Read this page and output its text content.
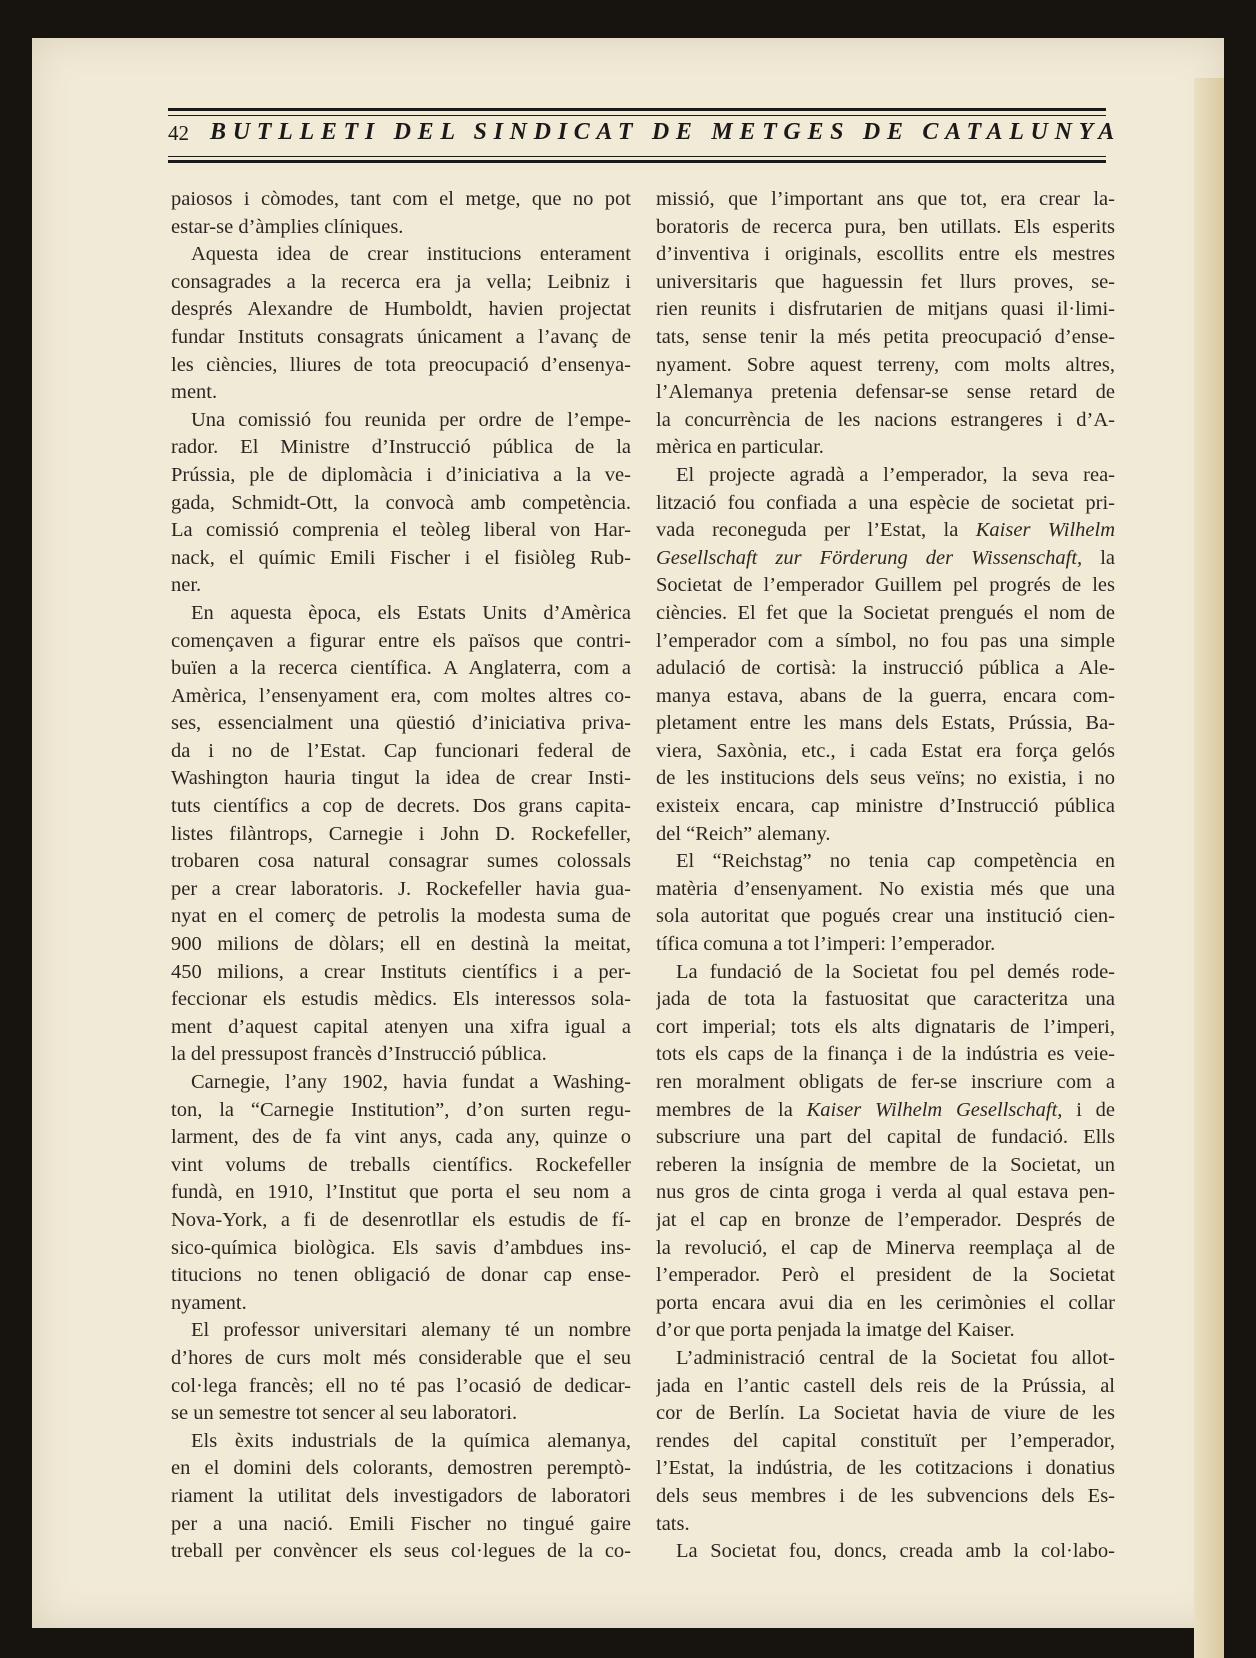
42 BUTLLETI DEL SINDICAT DE METGES DE CATALUNYA
paiosos i còmodes, tant com el metge, que no pot
estar-se d’àmplies clíniques.
Aquesta idea de crear institucions enterament
consagrades a la recerca era ja vella; Leibniz i
després Alexandre de Humboldt, havien projectat
fundar Instituts consagrats únicament a l’avanç de
les ciències, lliures de tota preocupació d’ensenya-
ment.
Una comissió fou reunida per ordre de l’empe-
rador. El Ministre d’Instrucció pública de la
Prússia, ple de diplomàcia i d’iniciativa a la ve-
gada, Schmidt-Ott, la convocà amb competència.
La comissió comprenia el teòleg liberal von Har-
nack, el químic Emili Fischer i el fisiòleg Rub-
ner.
En aquesta època, els Estats Units d’Amèrica
començaven a figurar entre els països que contri-
buïen a la recerca científica. A Anglaterra, com a
Amèrica, l’ensenyament era, com moltes altres co-
ses, essencialment una qüestió d’iniciativa priva-
da i no de l’Estat. Cap funcionari federal de
Washington hauria tingut la idea de crear Insti-
tuts científics a cop de decrets. Dos grans capita-
listes filàntrops, Carnegie i John D. Rockefeller,
trobaren cosa natural consagrar sumes colossals
per a crear laboratoris. J. Rockefeller havia gua-
nyat en el comerç de petrolis la modesta suma de
900 milions de dòlars; ell en destinà la meitat,
450 milions, a crear Instituts científics i a per-
feccionar els estudis mèdics. Els interessos sola-
ment d’aquest capital atenyen una xifra igual a
la del pressupost francès d’Instrucció pública.
Carnegie, l’any 1902, havia fundat a Washing-
ton, la “Carnegie Institution”, d’on surten regu-
larment, des de fa vint anys, cada any, quinze o
vint volums de treballs científics. Rockefeller
fundà, en 1910, l’Institut que porta el seu nom a
Nova-York, a fi de desenrotllar els estudis de fí-
sico-química biològica. Els savis d’ambdues ins-
titucions no tenen obligació de donar cap ense-
nyament.
El professor universitari alemany té un nombre
d’hores de curs molt més considerable que el seu
col·lega francès; ell no té pas l’ocasió de dedicar-
se un semestre tot sencer al seu laboratori.
Els èxits industrials de la química alemanya,
en el domini dels colorants, demostren peremptò-
riament la utilitat dels investigadors de laboratori
per a una nació. Emili Fischer no tingué gaire
treball per convèncer els seus col·legues de la co-
missió, que l’important ans que tot, era crear la-
boratoris de recerca pura, ben utillats. Els esperits
d’inventiva i originals, escollits entre els mestres
universitaris que haguessin fet llurs proves, se-
rien reunits i disfrutarien de mitjans quasi il·limi-
tats, sense tenir la més petita preocupació d’ense-
nyament. Sobre aquest terreny, com molts altres,
l’Alemanya pretenia defensar-se sense retard de
la concurrència de les nacions estrangeres i d’A-
mèrica en particular.
El projecte agradà a l’emperador, la seva rea-
lització fou confiada a una espècie de societat pri-
vada reconeguda per l’Estat, la Kaiser Wilhelm
Gesellschaft zur Förderung der Wissenschaft, la
Societat de l’emperador Guillem pel progrés de les
ciències. El fet que la Societat prengués el nom de
l’emperador com a símbol, no fou pas una simple
adulació de cortisà: la instrucció pública a Ale-
manya estava, abans de la guerra, encara com-
pletament entre les mans dels Estats, Prússia, Ba-
viera, Saxònia, etc., i cada Estat era força gelós
de les institucions dels seus veïns; no existia, i no
existeix encara, cap ministre d’Instrucció pública
del “Reich” alemany.
El “Reichstag” no tenia cap competència en
matèria d’ensenyament. No existia més que una
sola autoritat que pogués crear una institució cien-
tífica comuna a tot l’imperi: l’emperador.
La fundació de la Societat fou pel demés rode-
jada de tota la fastuositat que caracteritza una
cort imperial; tots els alts dignataris de l’imperi,
tots els caps de la finança i de la indústria es veie-
ren moralment obligats de fer-se inscriure com a
membres de la Kaiser Wilhelm Gesellschaft, i de
subscriure una part del capital de fundació. Ells
reberen la insígnia de membre de la Societat, un
nus gros de cinta groga i verda al qual estava pen-
jat el cap en bronze de l’emperador. Després de
la revolució, el cap de Minerva reemplaça al de
l’emperador. Però el president de la Societat
porta encara avui dia en les cerimònies el collar
d’or que porta penjada la imatge del Kaiser.
L’administració central de la Societat fou allot-
jada en l’antic castell dels reis de la Prússia, al
cor de Berlín. La Societat havia de viure de les
rendes del capital constituït per l’emperador,
l’Estat, la indústria, de les cotitzacions i donatius
dels seus membres i de les subvencions dels Es-
tats.
La Societat fou, doncs, creada amb la col·labo-
